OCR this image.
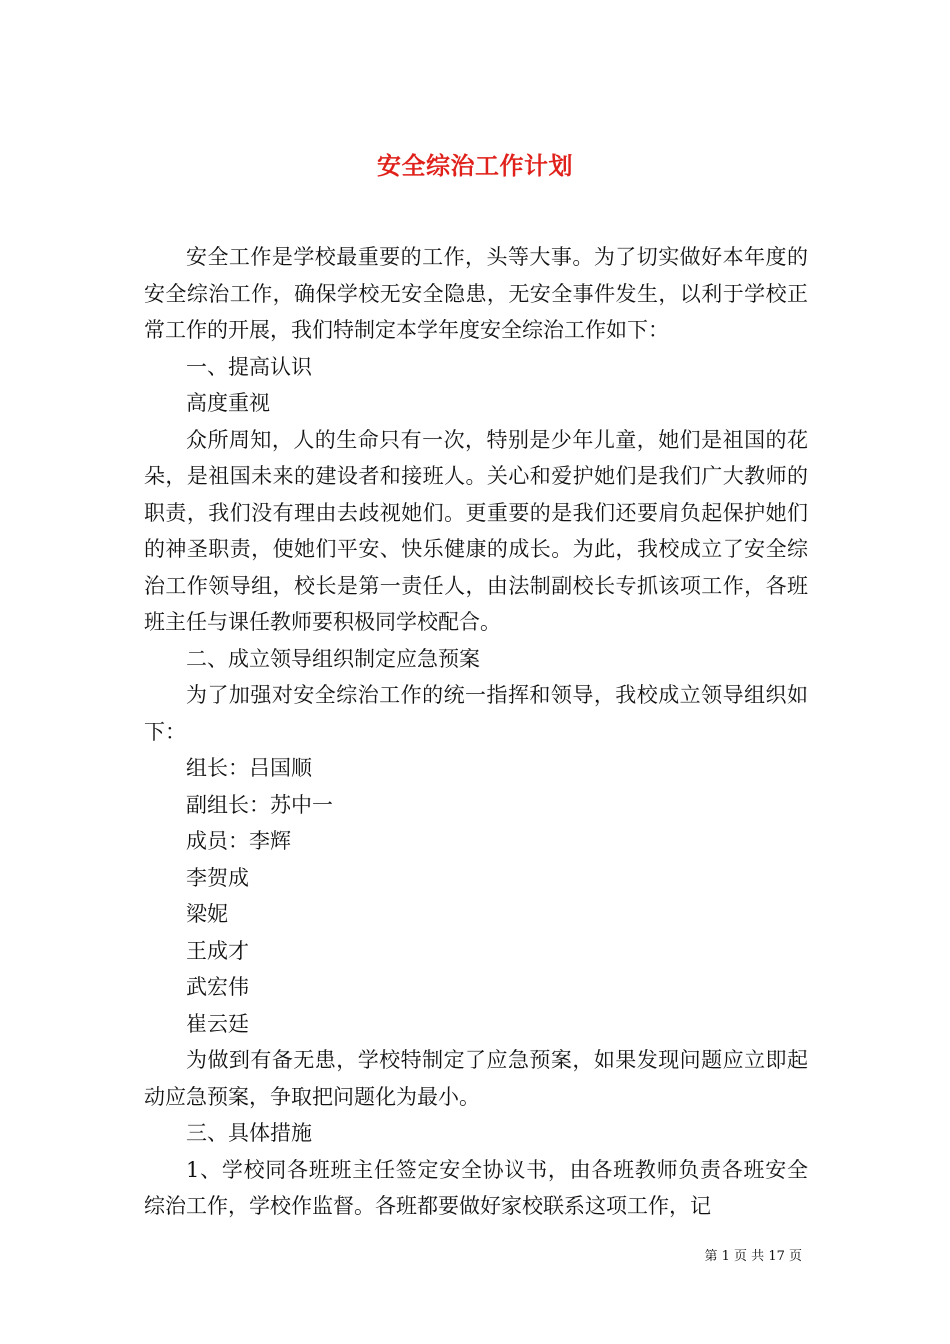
安全综治工作计划

安全工作是学校最重要的工作，头等大事。为了切实做好本年度的安全综治工作，确保学校无安全隐患，无安全事件发生，以利于学校正常工作的开展，我们特制定本学年度安全综治工作如下：

一、提高认识

高度重视

众所周知，人的生命只有一次，特别是少年儿童，她们是祖国的花朵，是祖国未来的建设者和接班人。关心和爱护她们是我们广大教师的职责，我们没有理由去歧视她们。更重要的是我们还要肩负起保护她们的神圣职责，使她们平安、快乐健康的成长。为此，我校成立了安全综治工作领导组，校长是第一责任人，由法制副校长专抓该项工作，各班班主任与课任教师要积极同学校配合。

二、成立领导组织制定应急预案

为了加强对安全综治工作的统一指挥和领导，我校成立领导组织如下：

组长：吕国顺

副组长：苏中一

成员：李辉

李贺成

梁妮

王成才

武宏伟

崔云廷

为做到有备无患，学校特制定了应急预案，如果发现问题应立即起动应急预案，争取把问题化为最小。

三、具体措施

1、学校同各班班主任签定安全协议书，由各班教师负责各班安全综治工作，学校作监督。各班都要做好家校联系这项工作，记

第 1 页 共 17 页
